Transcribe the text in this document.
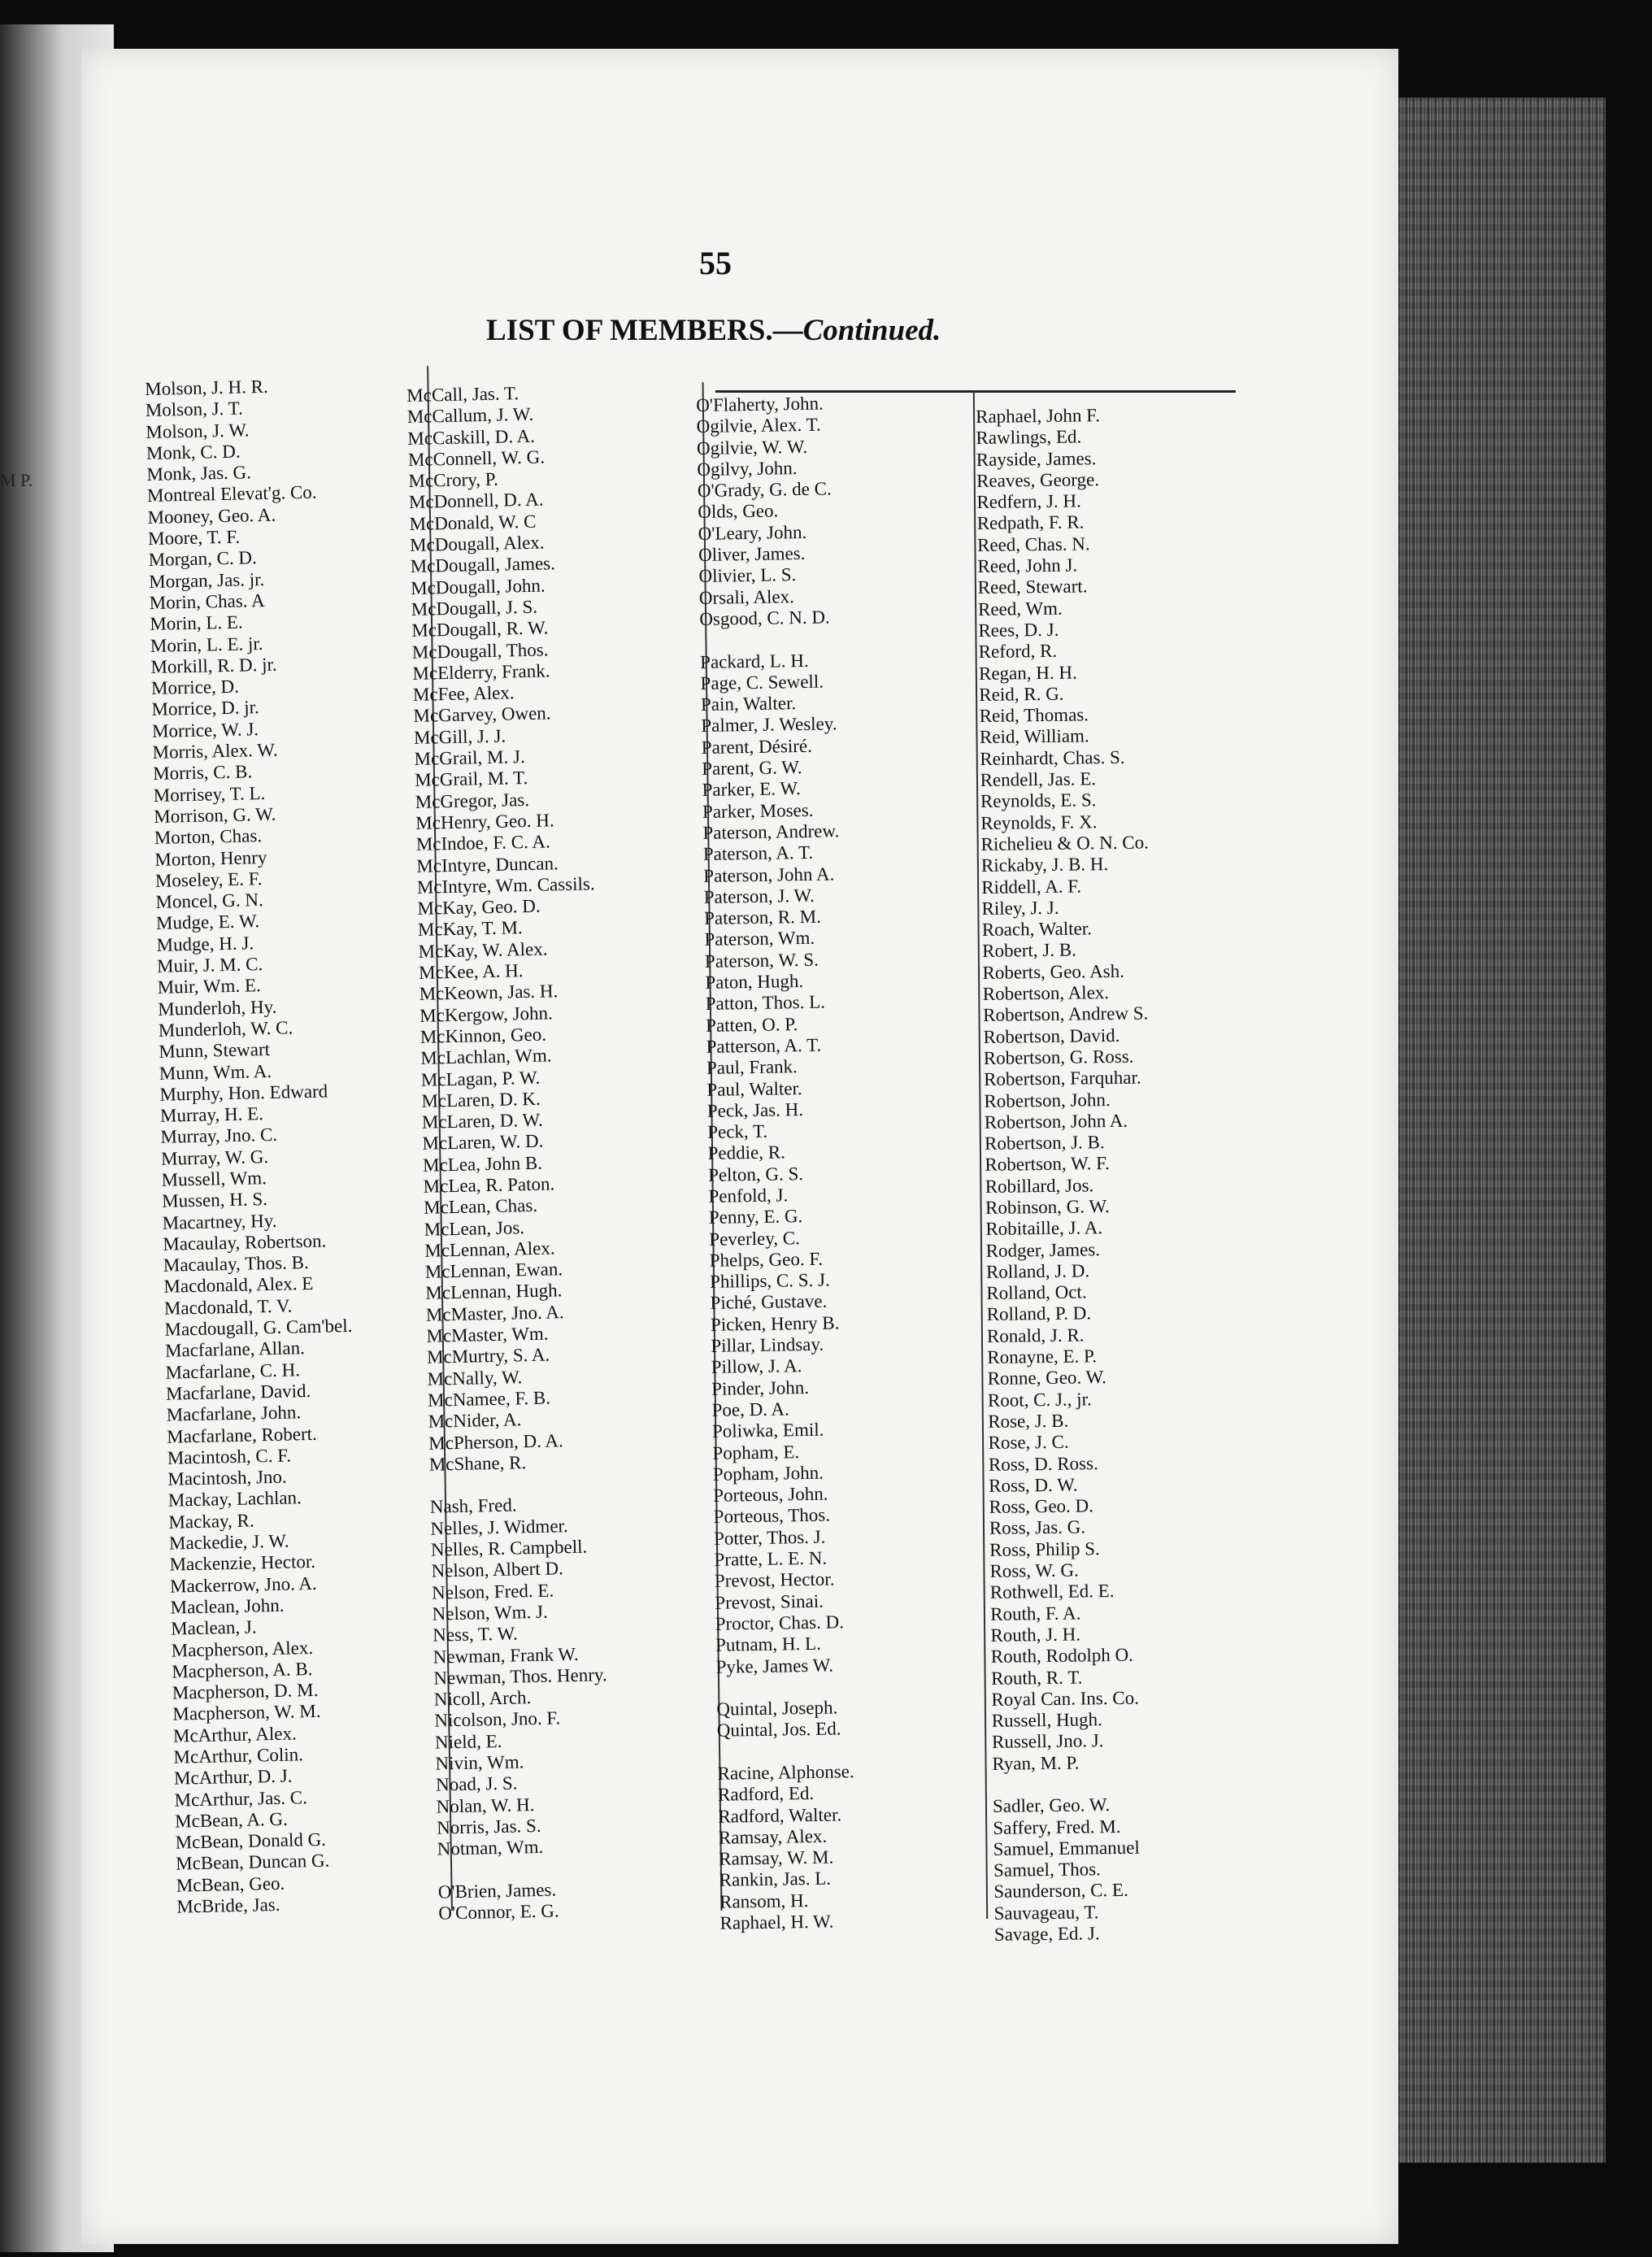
M P.
55
LIST OF MEMBERS.—Continued.
Molson, J. H. R.
Molson, J. T.
Molson, J. W.
Monk, C. D.
Monk, Jas. G.
Montreal Elevat'g. Co.
Mooney, Geo. A.
Moore, T. F.
Morgan, C. D.
Morgan, Jas. jr.
Morin, Chas. A
Morin, L. E.
Morin, L. E. jr.
Morkill, R. D. jr.
Morrice, D.
Morrice, D. jr.
Morrice, W. J.
Morris, Alex. W.
Morris, C. B.
Morrisey, T. L.
Morrison, G. W.
Morton, Chas.
Morton, Henry
Moseley, E. F.
Moncel, G. N.
Mudge, E. W.
Mudge, H. J.
Muir, J. M. C.
Muir, Wm. E.
Munderloh, Hy.
Munderloh, W. C.
Munn, Stewart
Munn, Wm. A.
Murphy, Hon. Edward
Murray, H. E.
Murray, Jno. C.
Murray, W. G.
Mussell, Wm.
Mussen, H. S.
Macartney, Hy.
Macaulay, Robertson.
Macaulay, Thos. B.
Macdonald, Alex. E
Macdonald, T. V.
Macdougall, G. Cam'bel.
Macfarlane, Allan.
Macfarlane, C. H.
Macfarlane, David.
Macfarlane, John.
Macfarlane, Robert.
Macintosh, C. F.
Macintosh, Jno.
Mackay, Lachlan.
Mackay, R.
Mackedie, J. W.
Mackenzie, Hector.
Mackerrow, Jno. A.
Maclean, John.
Maclean, J.
Macpherson, Alex.
Macpherson, A. B.
Macpherson, D. M.
Macpherson, W. M.
McArthur, Alex.
McArthur, Colin.
McArthur, D. J.
McArthur, Jas. C.
McBean, A. G.
McBean, Donald G.
McBean, Duncan G.
McBean, Geo.
McBride, Jas.
McCall, Jas. T.
McCallum, J. W.
McCaskill, D. A.
McConnell, W. G.
McCrory, P.
McDonnell, D. A.
McDonald, W. C
McDougall, Alex.
McDougall, James.
McDougall, John.
McDougall, J. S.
McDougall, R. W.
McDougall, Thos.
McElderry, Frank.
McFee, Alex.
McGarvey, Owen.
McGill, J. J.
McGrail, M. J.
McGrail, M. T.
McGregor, Jas.
McHenry, Geo. H.
McIndoe, F. C. A.
McIntyre, Duncan.
McIntyre, Wm. Cassils.
McKay, Geo. D.
McKay, T. M.
McKay, W. Alex.
McKee, A. H.
McKeown, Jas. H.
McKergow, John.
McKinnon, Geo.
McLachlan, Wm.
McLagan, P. W.
McLaren, D. K.
McLaren, D. W.
McLaren, W. D.
McLea, John B.
McLea, R. Paton.
McLean, Chas.
McLean, Jos.
McLennan, Alex.
McLennan, Ewan.
McLennan, Hugh.
McMaster, Jno. A.
McMaster, Wm.
McMurtry, S. A.
McNally, W.
McNamee, F. B.
McNider, A.
McPherson, D. A.
McShane, R.
Nash, Fred.
Nelles, J. Widmer.
Nelles, R. Campbell.
Nelson, Albert D.
Nelson, Fred. E.
Nelson, Wm. J.
Ness, T. W.
Newman, Frank W.
Newman, Thos. Henry.
Nicoll, Arch.
Nicolson, Jno. F.
Nield, E.
Nivin, Wm.
Noad, J. S.
Nolan, W. H.
Norris, Jas. S.
Notman, Wm.
O'Brien, James.
O'Connor, E. G.
O'Flaherty, John.
Ogilvie, Alex. T.
Ogilvie, W. W.
Ogilvy, John.
O'Grady, G. de C.
Olds, Geo.
O'Leary, John.
Oliver, James.
Olivier, L. S.
Orsali, Alex.
Osgood, C. N. D.
Packard, L. H.
Page, C. Sewell.
Pain, Walter.
Palmer, J. Wesley.
Parent, Désiré.
Parent, G. W.
Parker, E. W.
Parker, Moses.
Paterson, Andrew.
Paterson, A. T.
Paterson, John A.
Paterson, J. W.
Paterson, R. M.
Paterson, Wm.
Paterson, W. S.
Paton, Hugh.
Patton, Thos. L.
Patten, O. P.
Patterson, A. T.
Paul, Frank.
Paul, Walter.
Peck, Jas. H.
Peck, T.
Peddie, R.
Pelton, G. S.
Penfold, J.
Penny, E. G.
Peverley, C.
Phelps, Geo. F.
Phillips, C. S. J.
Piché, Gustave.
Picken, Henry B.
Pillar, Lindsay.
Pillow, J. A.
Pinder, John.
Poe, D. A.
Poliwka, Emil.
Popham, E.
Popham, John.
Porteous, John.
Porteous, Thos.
Potter, Thos. J.
Pratte, L. E. N.
Prevost, Hector.
Prevost, Sinai.
Proctor, Chas. D.
Putnam, H. L.
Pyke, James W.
Quintal, Joseph.
Quintal, Jos. Ed.
Racine, Alphonse.
Radford, Ed.
Radford, Walter.
Ramsay, Alex.
Ramsay, W. M.
Rankin, Jas. L.
Ransom, H.
Raphael, H. W.
Raphael, John F.
Rawlings, Ed.
Rayside, James.
Reaves, George.
Redfern, J. H.
Redpath, F. R.
Reed, Chas. N.
Reed, John J.
Reed, Stewart.
Reed, Wm.
Rees, D. J.
Reford, R.
Regan, H. H.
Reid, R. G.
Reid, Thomas.
Reid, William.
Reinhardt, Chas. S.
Rendell, Jas. E.
Reynolds, E. S.
Reynolds, F. X.
Richelieu & O. N. Co.
Rickaby, J. B. H.
Riddell, A. F.
Riley, J. J.
Roach, Walter.
Robert, J. B.
Roberts, Geo. Ash.
Robertson, Alex.
Robertson, Andrew S.
Robertson, David.
Robertson, G. Ross.
Robertson, Farquhar.
Robertson, John.
Robertson, John A.
Robertson, J. B.
Robertson, W. F.
Robillard, Jos.
Robinson, G. W.
Robitaille, J. A.
Rodger, James.
Rolland, J. D.
Rolland, Oct.
Rolland, P. D.
Ronald, J. R.
Ronayne, E. P.
Ronne, Geo. W.
Root, C. J., jr.
Rose, J. B.
Rose, J. C.
Ross, D. Ross.
Ross, D. W.
Ross, Geo. D.
Ross, Jas. G.
Ross, Philip S.
Ross, W. G.
Rothwell, Ed. E.
Routh, F. A.
Routh, J. H.
Routh, Rodolph O.
Routh, R. T.
Royal Can. Ins. Co.
Russell, Hugh.
Russell, Jno. J.
Ryan, M. P.
Sadler, Geo. W.
Saffery, Fred. M.
Samuel, Emmanuel
Samuel, Thos.
Saunderson, C. E.
Sauvageau, T.
Savage, Ed. J.
